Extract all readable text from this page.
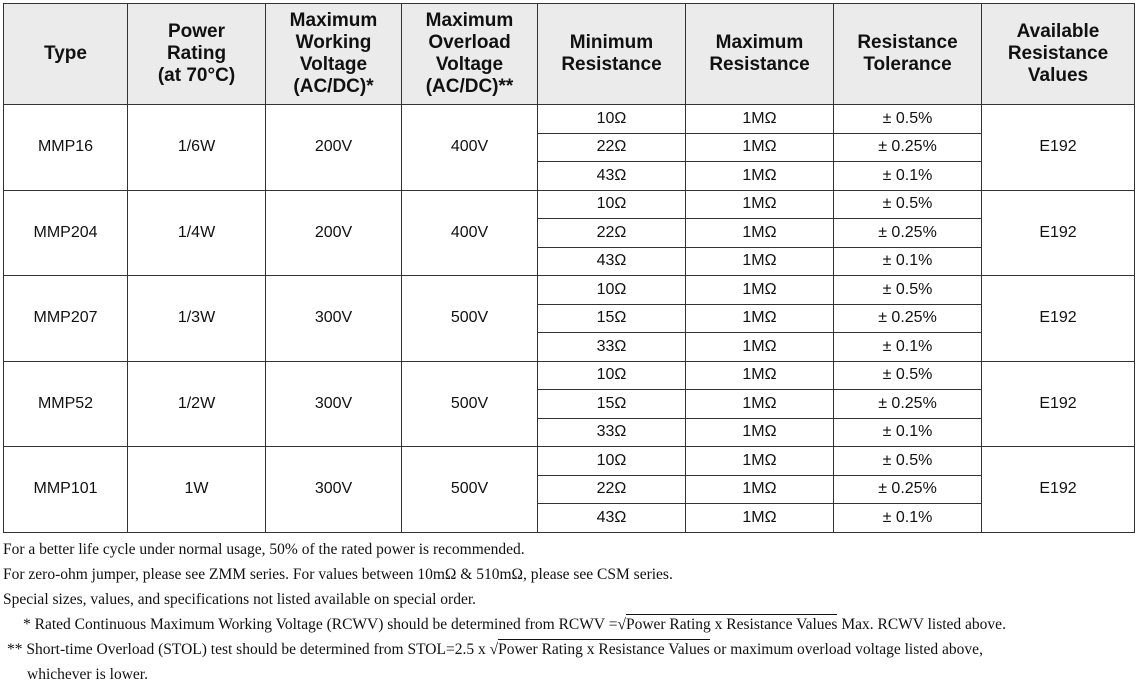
Type	Power
Rating
(at 70°C)	Maximum
Working
Voltage
(AC/DC)*	Maximum
Overload
Voltage
(AC/DC)**	Minimum
Resistance	Maximum
Resistance	Resistance
Tolerance	Available
Resistance
Values
MMP16	1/6W	200V	400V	10Ω	1MΩ	± 0.5%	E192
				22Ω	1MΩ	± 0.25%	
				43Ω	1MΩ	± 0.1%	
MMP204	1/4W	200V	400V	10Ω	1MΩ	± 0.5%	E192
				22Ω	1MΩ	± 0.25%	
				43Ω	1MΩ	± 0.1%	
MMP207	1/3W	300V	500V	10Ω	1MΩ	± 0.5%	E192
				15Ω	1MΩ	± 0.25%	
				33Ω	1MΩ	± 0.1%	
MMP52	1/2W	300V	500V	10Ω	1MΩ	± 0.5%	E192
				15Ω	1MΩ	± 0.25%	
				33Ω	1MΩ	± 0.1%	
MMP101	1W	300V	500V	10Ω	1MΩ	± 0.5%	E192
				22Ω	1MΩ	± 0.25%	
				43Ω	1MΩ	± 0.1%	
For a better life cycle under normal usage, 50% of the rated power is recommended.
For zero-ohm jumper, please see ZMM series. For values between 10mΩ & 510mΩ, please see CSM series.
Special sizes, values, and specifications not listed available on special order.
* Rated Continuous Maximum Working Voltage (RCWV) should be determined from RCWV =√Power Rating x Resistance Values Max. RCWV listed above.
** Short-time Overload (STOL) test should be determined from STOL=2.5 x √Power Rating x Resistance Values or maximum overload voltage listed above,
whichever is lower.
